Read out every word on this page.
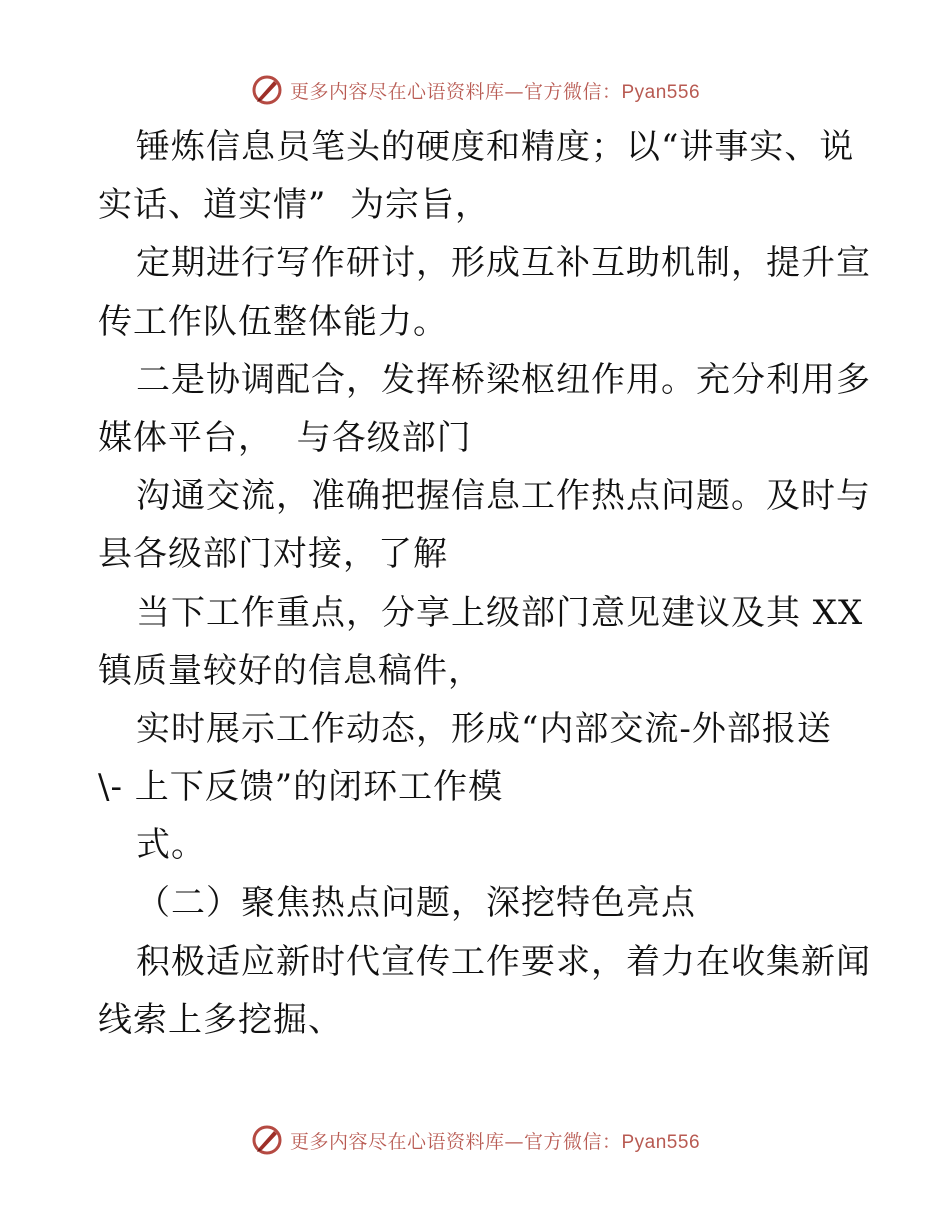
更多内容尽在心语资料库—官方微信：Pyan556
锤炼信息员笔头的硬度和精度；以“讲事实、说
实话、道实情”  为宗旨，
定期进行写作研讨，形成互补互助机制，提升宣
传工作队伍整体能力。
二是协调配合，发挥桥梁枢纽作用。充分利用多
媒体平台，  与各级部门
沟通交流，准确把握信息工作热点问题。及时与
县各级部门对接，了解
当下工作重点，分享上级部门意见建议及其 XX
镇质量较好的信息稿件，
实时展示工作动态，形成“内部交流-外部报送
\- 上下反馈”的闭环工作模
式。
（二）聚焦热点问题，深挖特色亮点
积极适应新时代宣传工作要求，着力在收集新闻
线索上多挖掘、
更多内容尽在心语资料库—官方微信：Pyan556
